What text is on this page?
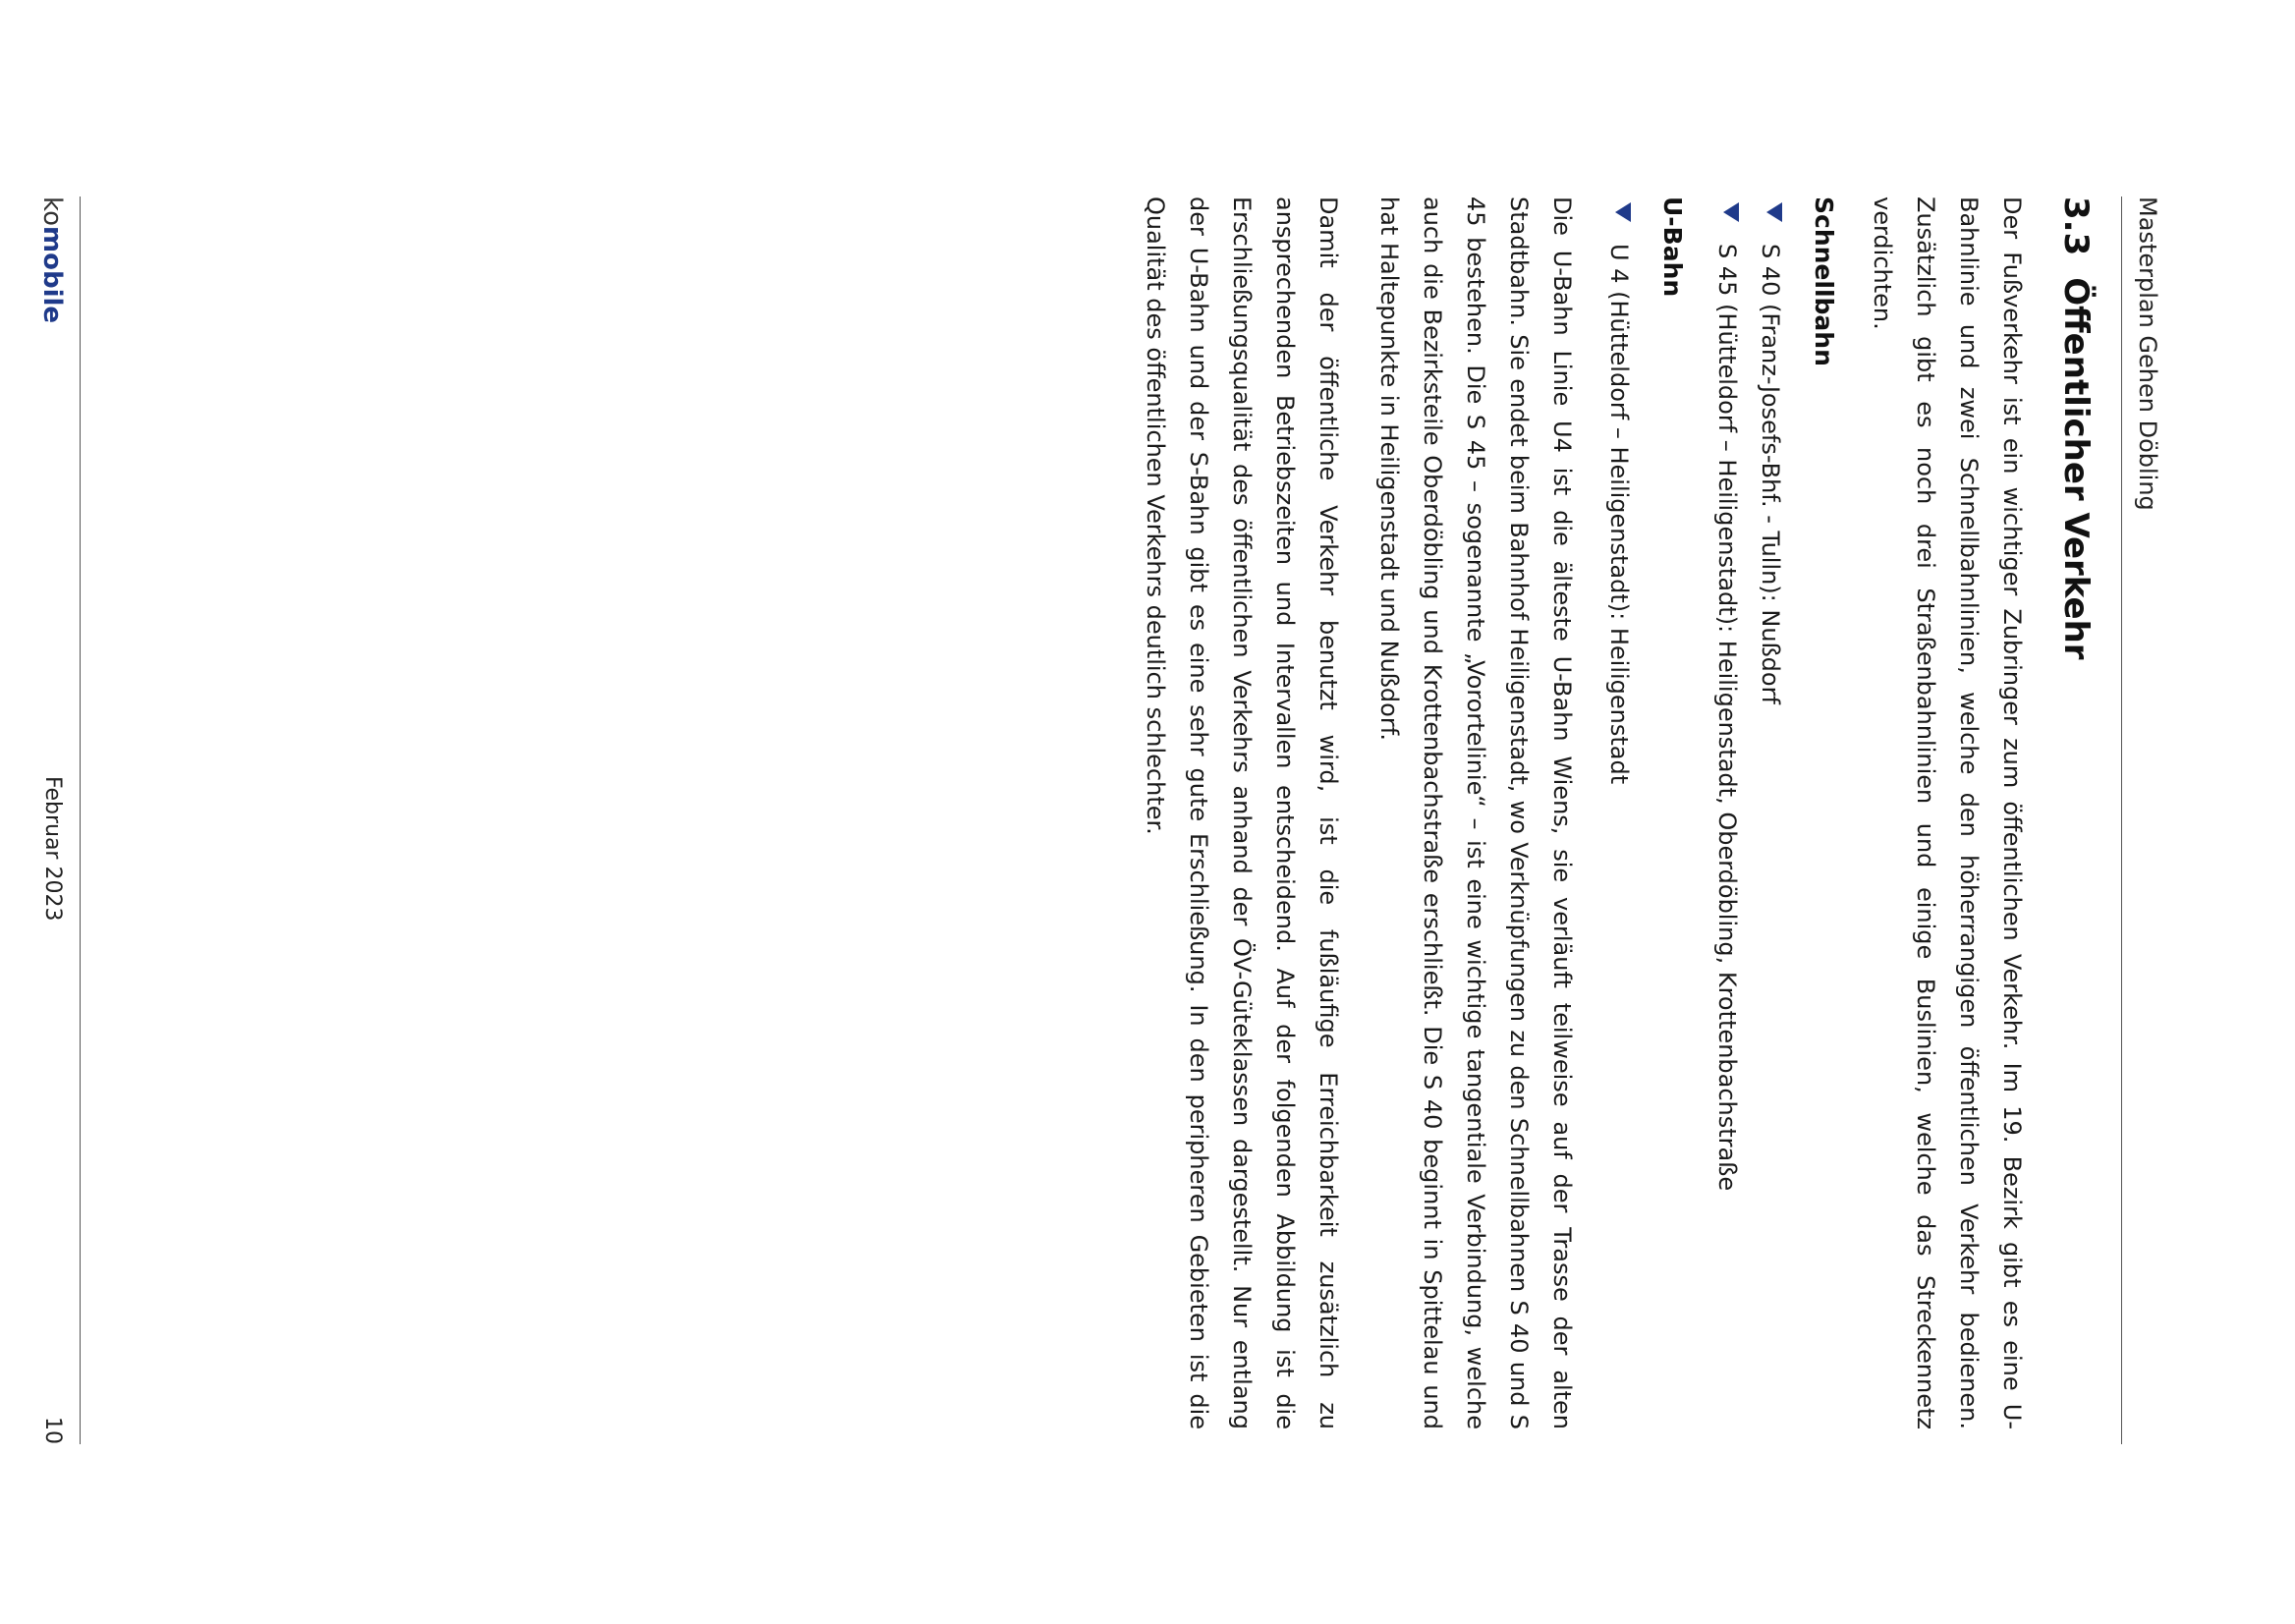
Masterplan Gehen Döbling
3.3Öffentlicher Verkehr

Der Fußverkehr ist ein wichtiger Zubringer zum öffentlichen Verkehr. Im 19. Bezirk gibt es eine U-Bahnlinie und zwei Schnellbahnlinien, welche den höherrangigen öffentlichen Verkehr bedienen. Zusätzlich gibt es noch drei Straßenbahnlinien und einige Buslinien, welche das Streckennetz verdichten.

Schnellbahn
S 40 (Franz-Josefs-Bhf. - Tulln): Nußdorf
S 45 (Hütteldorf – Heiligenstadt): Heiligenstadt, Oberdöbling, Krottenbachstraße
U-Bahn
U 4 (Hütteldorf – Heiligenstadt): Heiligenstadt

Die U-Bahn Linie U4 ist die älteste U-Bahn Wiens, sie verläuft teilweise auf der Trasse der alten Stadtbahn. Sie endet beim Bahnhof Heiligenstadt, wo Verknüpfungen zu den Schnellbahnen S 40 und S 45 bestehen. Die S 45 – sogenannte „Vorortelinie“ – ist eine wichtige tangentiale Verbindung, welche auch die Bezirksteile Oberdöbling und Krottenbachstraße erschließt. Die S 40 beginnt in Spittelau und hat Haltepunkte in Heiligenstadt und Nußdorf.

Damit der öffentliche Verkehr benutzt wird, ist die fußläufige Erreichbarkeit zusätzlich zu ansprechenden Betriebszeiten und Intervallen entscheidend. Auf der folgenden Abbildung ist die Erschließungsqualität des öffentlichen Verkehrs anhand der ÖV-Güteklassen dargestellt. Nur entlang der U-Bahn und der S-Bahn gibt es eine sehr gute Erschließung. In den peripheren Gebieten ist die Qualität des öffentlichen Verkehrs deutlich schlechter.

komobile
Februar 2023
10
